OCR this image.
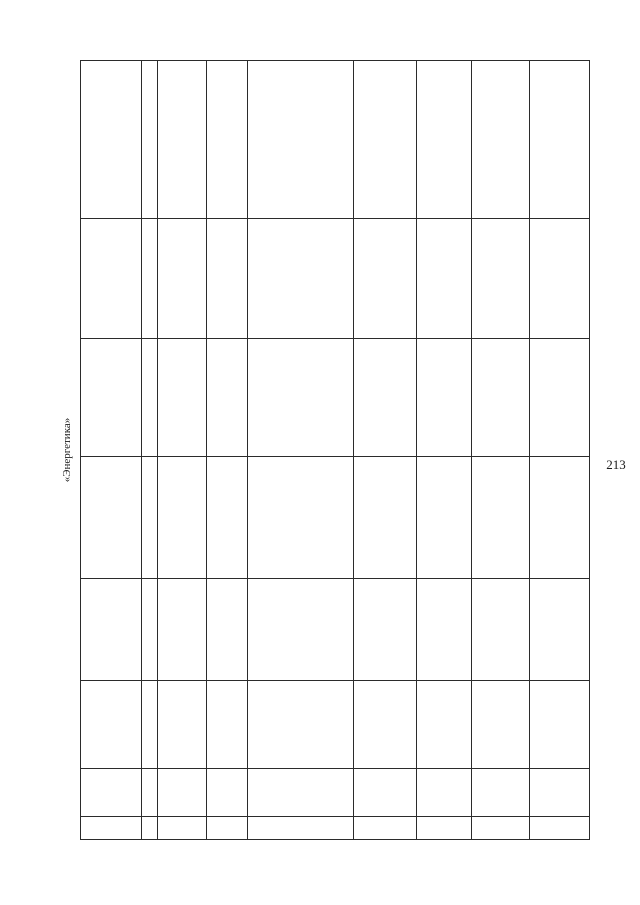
213
«Энергетика»
